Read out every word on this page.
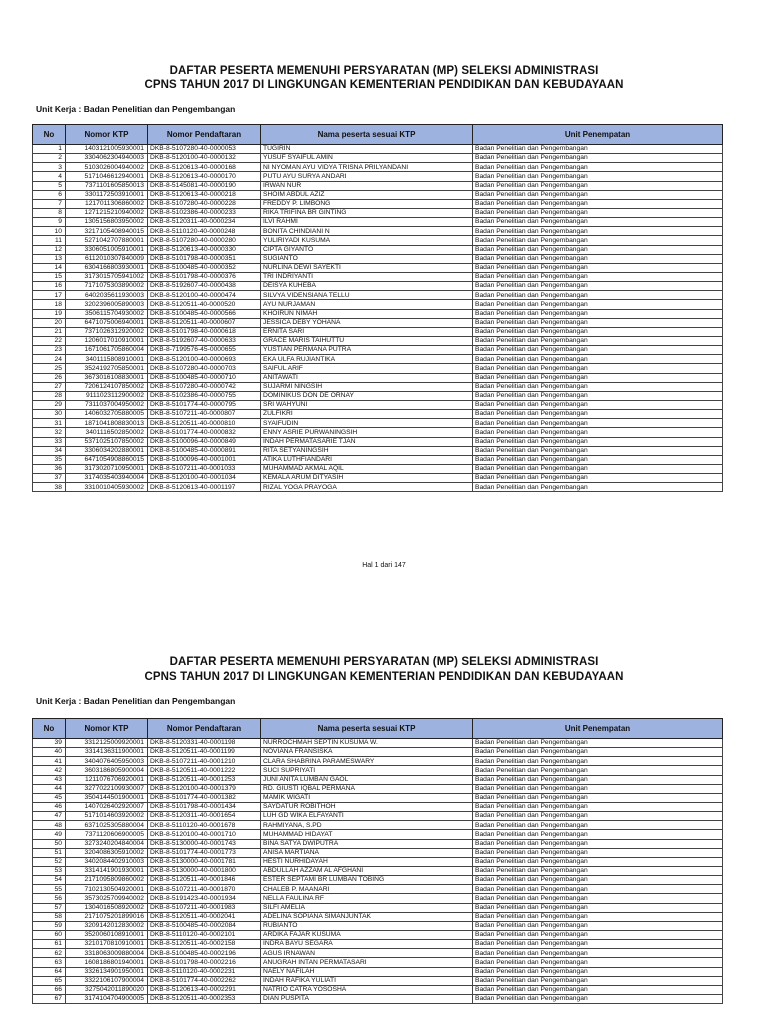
DAFTAR PESERTA MEMENUHI PERSYARATAN (MP) SELEKSI ADMINISTRASI
CPNS TAHUN 2017 DI LINGKUNGAN KEMENTERIAN PENDIDIKAN DAN KEBUDAYAAN
Unit Kerja : Badan Penelitian dan Pengembangan
No	Nomor KTP	Nomor Pendaftaran	Nama peserta sesuai KTP	Unit Penempatan
1	1403121005930001	DKB-8-5107280-40-0000053	TUGIRIN	Badan Penelitian dan Pengembangan
2	3304062304940003	DKB-8-5120100-40-0000132	YUSUF SYAIFUL AMIN	Badan Penelitian dan Pengembangan
3	5103026004940002	DKB-8-5120613-40-0000168	NI NYOMAN AYU VIDYA TRISNA PRILYANDANI	Badan Penelitian dan Pengembangan
4	5171046612940001	DKB-8-5120613-40-0000170	PUTU AYU SURYA ANDARI	Badan Penelitian dan Pengembangan
5	7371101605850013	DKB-8-5145081-40-0000190	IRWAN NUR	Badan Penelitian dan Pengembangan
6	3301172503910001	DKB-8-5120613-40-0000218	SHOIM ABDUL AZIZ	Badan Penelitian dan Pengembangan
7	1217011306860002	DKB-8-5107280-40-0000228	FREDDY P. LIMBONG	Badan Penelitian dan Pengembangan
8	1271215210940002	DKB-8-5102386-40-0000233	RIKA TRIFINA BR GINTING	Badan Penelitian dan Pengembangan
9	1305156803950002	DKB-8-5120311-40-0000234	ILVI RAHMI	Badan Penelitian dan Pengembangan
10	3217105408940015	DKB-8-5110120-40-0000248	BONITA CHINDIANI N	Badan Penelitian dan Pengembangan
11	5271042707880001	DKB-8-5107280-40-0000280	YULIRIYADI KUSUMA	Badan Penelitian dan Pengembangan
12	3306051005910001	DKB-8-5120613-40-0000330	CIPTA GIYANTO	Badan Penelitian dan Pengembangan
13	6112010307840009	DKB-8-5101798-40-0000351	SUGIANTO	Badan Penelitian dan Pengembangan
14	6304166803930001	DKB-8-5100485-40-0000352	NURLINA DEWI SAYEKTI	Badan Penelitian dan Pengembangan
15	3173015705941002	DKB-8-5101798-40-0000376	TRI INDRIYANTI	Badan Penelitian dan Pengembangan
16	7171075303890002	DKB-8-5192607-40-0000438	DEISYA KUHEBA	Badan Penelitian dan Pengembangan
17	6402035611930003	DKB-8-5120100-40-0000474	SILVYA VIDENSIANA TELLU	Badan Penelitian dan Pengembangan
18	3202396005890003	DKB-8-5120511-40-0000520	AYU NURJAMAN	Badan Penelitian dan Pengembangan
19	3506115704930002	DKB-8-5100485-40-0000566	KHOIRUN NIMAH	Badan Penelitian dan Pengembangan
20	6471075006940001	DKB-8-5120511-40-0000607	JESSICA DEBY YOHANA	Badan Penelitian dan Pengembangan
21	7371026312920002	DKB-8-5101798-40-0000618	ERNITA SARI	Badan Penelitian dan Pengembangan
22	1206017010910001	DKB-8-5192607-40-0000633	GRACE MARIS TAIHUTTU	Badan Penelitian dan Pengembangan
23	1671061705860004	DKB-8-7199576-45-0000655	YUSTIAN PERMANA PUTRA	Badan Penelitian dan Pengembangan
24	3401115808910001	DKB-8-5120100-40-0000693	EKA ULFA RUJIANTIKA	Badan Penelitian dan Pengembangan
25	3524192705850001	DKB-8-5107280-40-0000703	SAIFUL ARIF	Badan Penelitian dan Pengembangan
26	3673016108830001	DKB-8-5100485-40-0000710	ANITAWATI	Badan Penelitian dan Pengembangan
27	7206124107850002	DKB-8-5107280-40-0000742	SUJARMI NINGSIH	Badan Penelitian dan Pengembangan
28	9111023112900002	DKB-8-5102386-40-0000755	DOMINIKUS DON DE ORNAY	Badan Penelitian dan Pengembangan
29	7311037004950002	DKB-8-5101774-40-0000795	SRI WAHYUNI	Badan Penelitian dan Pengembangan
30	1406032705880005	DKB-8-5107211-40-0000807	ZULFIKRI	Badan Penelitian dan Pengembangan
31	1871041808830013	DKB-8-5120511-40-0000810	SYAIFUDIN	Badan Penelitian dan Pengembangan
32	3401116502850002	DKB-8-5101774-40-0000832	ENNY ASRIE PURWANINGSIH	Badan Penelitian dan Pengembangan
33	5371025107850002	DKB-8-5100096-40-0000849	INDAH PERMATASARIE TJAN	Badan Penelitian dan Pengembangan
34	3306034202880001	DKB-8-5100485-40-0000891	RITA SETYANINGSIH	Badan Penelitian dan Pengembangan
35	6471054908860015	DKB-8-5100096-40-0001001	ATIKA LUTHFIANDARI	Badan Penelitian dan Pengembangan
36	3173020710950001	DKB-8-5107211-40-0001033	MUHAMMAD AKMAL AQIL	Badan Penelitian dan Pengembangan
37	3174035403940004	DKB-8-5120100-40-0001034	KEMALA ARUM DITYASIH	Badan Penelitian dan Pengembangan
38	3310010405930002	DKB-8-5120613-40-0001197	RIZAL YOGA PRAYOGA	Badan Penelitian dan Pengembangan
Hal 1 dari 147
DAFTAR PESERTA MEMENUHI PERSYARATAN (MP) SELEKSI ADMINISTRASI
CPNS TAHUN 2017 DI LINGKUNGAN KEMENTERIAN PENDIDIKAN DAN KEBUDAYAAN
Unit Kerja : Badan Penelitian dan Pengembangan
No	Nomor KTP	Nomor Pendaftaran	Nama peserta sesuai KTP	Unit Penempatan
39	3312125009920001	DKB-8-5120331-40-0001198	NURROCHMAH SEPTIN KUSUMA W.	Badan Penelitian dan Pengembangan
40	3314136311900001	DKB-8-5120511-40-0001199	NOVIANA FRANSISKA	Badan Penelitian dan Pengembangan
41	3404076405950003	DKB-8-5107211-40-0001210	CLARA SHABRINA PARAMESWARY	Badan Penelitian dan Pengembangan
42	3603186805900004	DKB-8-5120511-40-0001222	SUCI SUPRIYATI	Badan Penelitian dan Pengembangan
43	1211076706920001	DKB-8-5120511-40-0001253	JUNI ANITA LUMBAN GAOL	Badan Penelitian dan Pengembangan
44	3277022109930007	DKB-8-5120100-40-0001379	RD. GIUSTI IQBAL PERMANA	Badan Penelitian dan Pengembangan
45	3504144501900001	DKB-8-5101774-40-0001382	MAMIK WIGATI	Badan Penelitian dan Pengembangan
46	1407026402920007	DKB-8-5101798-40-0001434	SAYDATUR ROBITHOH	Badan Penelitian dan Pengembangan
47	5171014603920002	DKB-8-5120311-40-0001654	LUH GD WIKA ELFAYANTI	Badan Penelitian dan Pengembangan
48	6371025305880004	DKB-8-5110120-40-0001678	RAHMIYANA, S.PD	Badan Penelitian dan Pengembangan
49	7371120606900005	DKB-8-5120100-40-0001710	MUHAMMAD HIDAYAT	Badan Penelitian dan Pengembangan
50	3273240204840004	DKB-8-5130000-40-0001743	BINA SATYA DWIPUTRA	Badan Penelitian dan Pengembangan
51	3204086305910002	DKB-8-5101774-40-0001773	ANISA MARTIANA	Badan Penelitian dan Pengembangan
52	3402084402910003	DKB-8-5130000-40-0001781	HESTI NURHIDAYAH	Badan Penelitian dan Pengembangan
53	3314141901930001	DKB-8-5130000-40-0001800	ABDULLAH AZZAM AL AFGHANI	Badan Penelitian dan Pengembangan
54	2171095809860002	DKB-8-5120511-40-0001846	ESTER SEPTAMI BR LUMBAN TOBING	Badan Penelitian dan Pengembangan
55	7102130504920001	DKB-8-5107211-40-0001870	CHALEB P. MAANARI	Badan Penelitian dan Pengembangan
56	3573025709940002	DKB-8-5191423-40-0001934	NELLA FAULINA RF	Badan Penelitian dan Pengembangan
57	1304016508920002	DKB-8-5107211-40-0001983	SILFI AMELIA	Badan Penelitian dan Pengembangan
58	2171075201899016	DKB-8-5120511-40-0002041	ADELINA SOPIANA SIMANJUNTAK	Badan Penelitian dan Pengembangan
59	3209142012830002	DKB-8-5100485-40-0002084	RUBIANTO	Badan Penelitian dan Pengembangan
60	3520060108910001	DKB-8-5110120-40-0002101	ARDIKA FAJAR KUSUMA	Badan Penelitian dan Pengembangan
61	3210170810910001	DKB-8-5120511-40-0002158	INDRA BAYU SEGARA	Badan Penelitian dan Pengembangan
62	3318063009880004	DKB-8-5100485-40-0002196	AGUS IRNAWAN	Badan Penelitian dan Pengembangan
63	1608186801940001	DKB-8-5101798-40-0002216	ANUGRAH INTAN PERMATASARI	Badan Penelitian dan Pengembangan
64	3326134901950001	DKB-8-5110120-40-0002231	NAELY NAFILAH	Badan Penelitian dan Pengembangan
65	3322106107900004	DKB-8-5101774-40-0002262	INDAH RAFIKA YULIATI	Badan Penelitian dan Pengembangan
66	3275042011890020	DKB-8-5120613-40-0002291	NATRIO CATRA YOSOSHA	Badan Penelitian dan Pengembangan
67	3174104704900005	DKB-8-5120511-40-0002353	DIAN PUSPITA	Badan Penelitian dan Pengembangan
